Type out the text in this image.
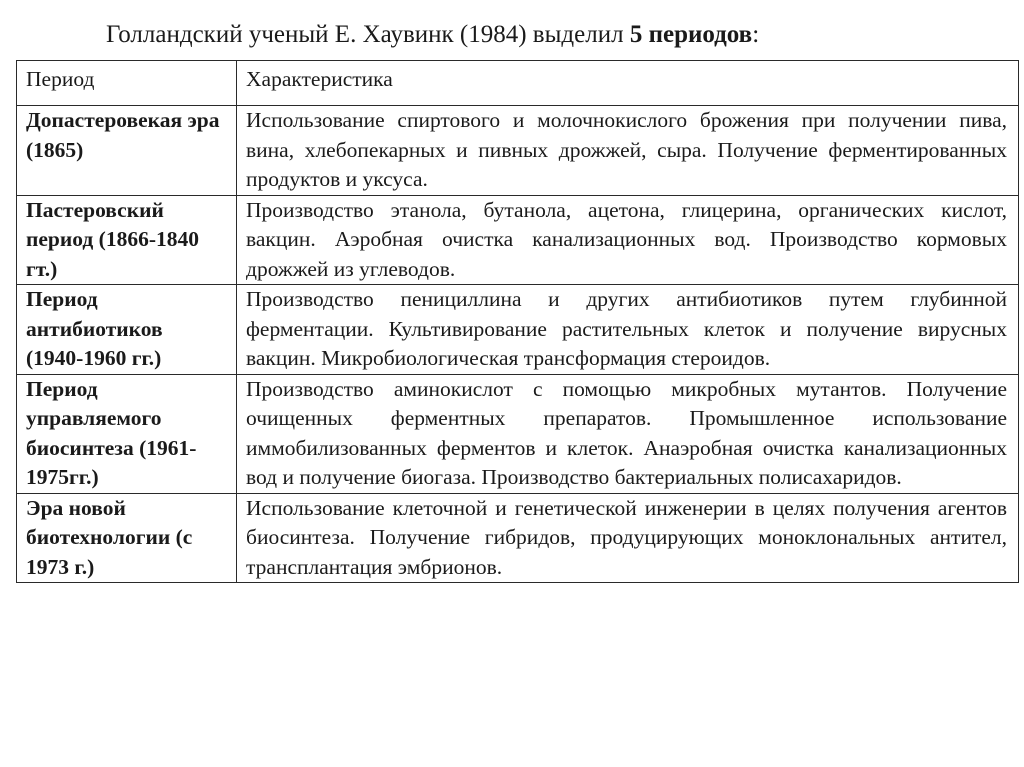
Голландский ученый Е. Хаувинк (1984) выделил 5 периодов:
Период	Характеристика

Допастеровекая эра (1865)	Использование спиртового и молочнокислого брожения при получении пива, вина, хлебопекарных и пивных дрожжей, сыра. Получение ферментированных продуктов и уксуса.
Пастеровский период (1866-1840 гт.)	Производство этанола, бутанола, ацетона, глицерина, органических кислот, вакцин. Аэробная очистка канализационных вод. Производство кормовых дрожжей из углеводов.
Период антибиотиков (1940-1960 гг.)	Производство пенициллина и других антибиотиков путем глубинной ферментации. Культивирование растительных клеток и получение вирусных вакцин. Микробиологическая трансформация стероидов.
Период управляемого биосинтеза (1961-1975гг.)	Производство аминокислот с помощью микробных мутантов. Получение очищенных ферментных препаратов. Промышленное использование иммобилизованных ферментов и клеток. Анаэробная очистка канализационных вод и получение биогаза. Производство бактериальных полисахаридов.
Эра новой биотехнологии (с 1973 г.)	Использование клеточной и генетической инженерии в целях получения агентов биосинтеза. Получение гибридов, продуцирующих моноклональных антител, трансплантация эмбрионов.
